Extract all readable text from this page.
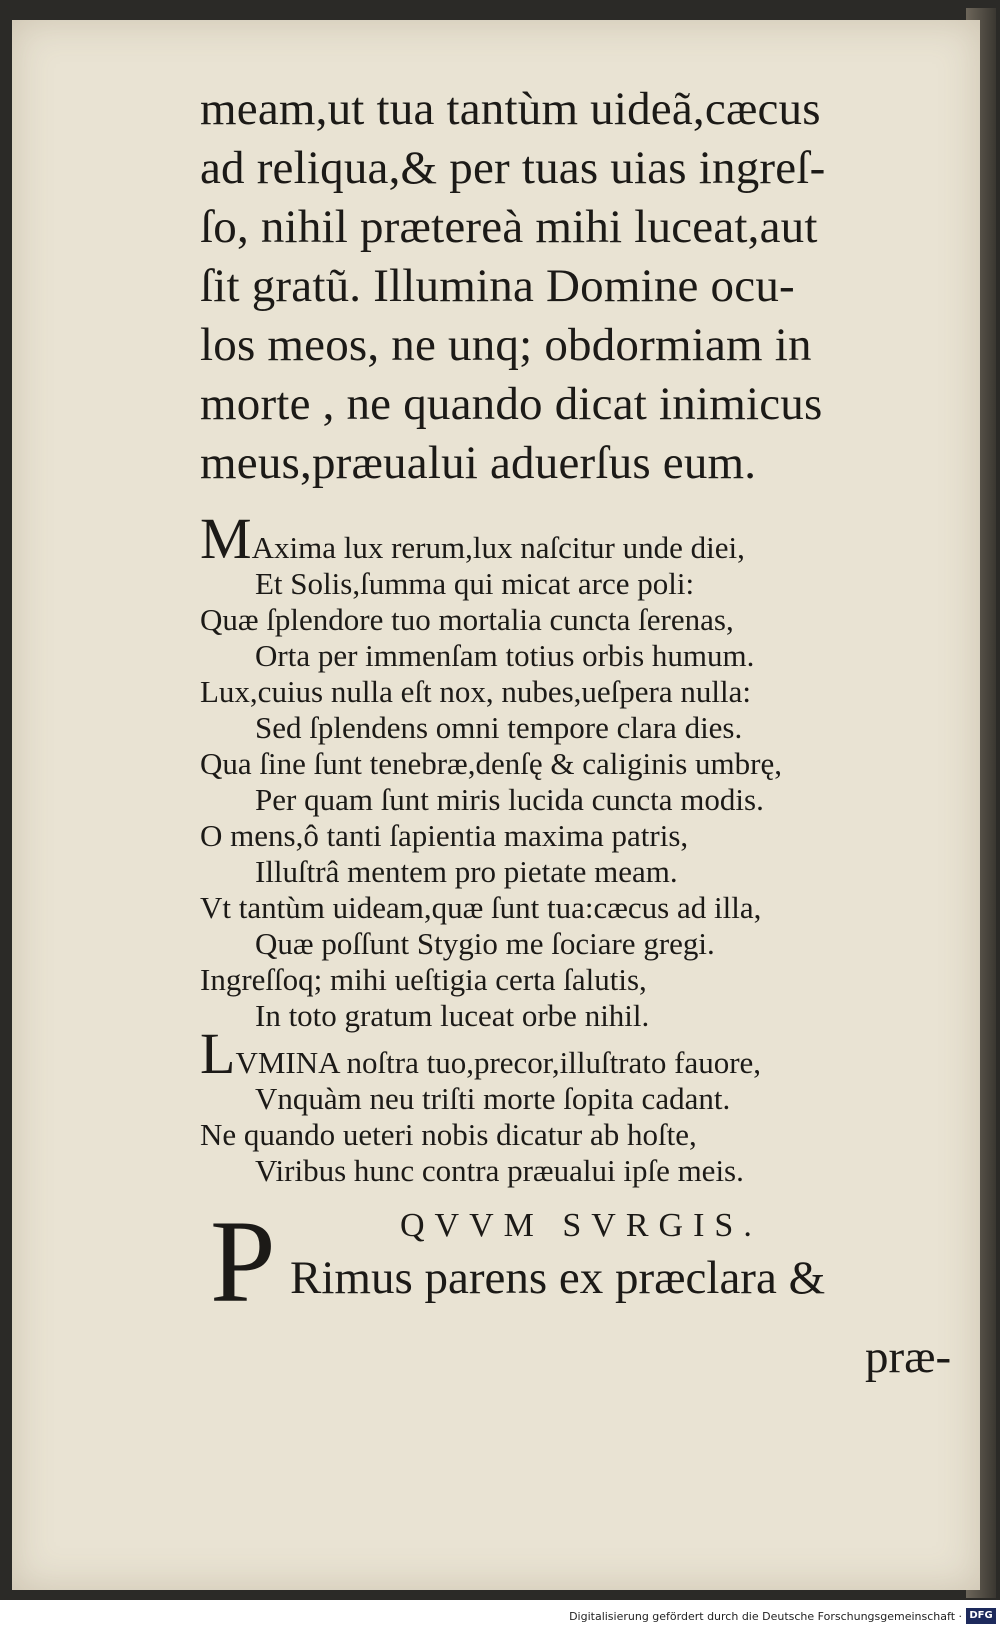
meam,ut tua tantùm uideã,cæcus
ad reliqua,& per tuas uias ingreſ-
ſo, nihil prætereà mihi luceat,aut
ſit gratũ. Illumina Domine ocu-
los meos, ne unq; obdormiam in
morte , ne quando dicat inimicus
meus,præualui aduerſus eum.
MAxima lux rerum,lux naſcitur unde diei,
Et Solis,ſumma qui micat arce poli:
Quæ ſplendore tuo mortalia cuncta ſerenas,
Orta per immenſam totius orbis humum.
Lux,cuius nulla eſt nox, nubes,ueſpera nulla:
Sed ſplendens omni tempore clara dies.
Qua ſine ſunt tenebræ,denſę & caliginis umbrę,
Per quam ſunt miris lucida cuncta modis.
O mens,ô tanti ſapientia maxima patris,
Illuſtrâ mentem pro pietate meam.
Vt tantùm uideam,quæ ſunt tua:cæcus ad illa,
Quæ poſſunt Stygio me ſociare gregi.
Ingreſſoq; mihi ueſtigia certa ſalutis,
In toto gratum luceat orbe nihil.
LVMINA noſtra tuo,precor,illuſtrato fauore,
Vnquàm neu triſti morte ſopita cadant.
Ne quando ueteri nobis dicatur ab hoſte,
Viribus hunc contra præualui ipſe meis.
P	QVVM SVRGIS.
Rimus parens ex præclara &
præ-
Digitalisierung gefördert durch die Deutsche Forschungsgemeinschaft · DFG
